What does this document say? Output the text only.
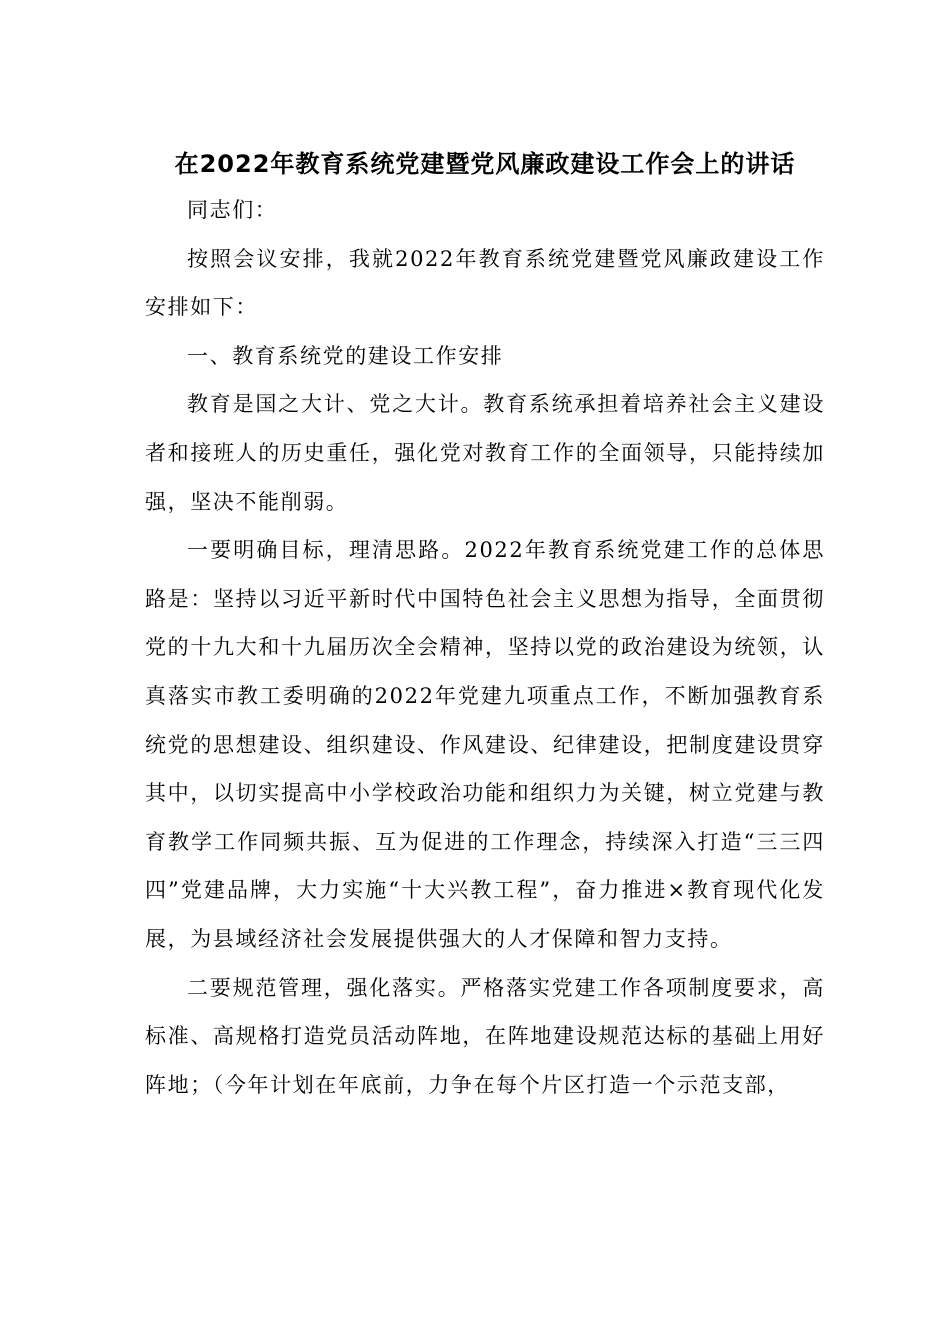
在2022年教育系统党建暨党风廉政建设工作会上的讲话

同志们：

按照会议安排，我就2022年教育系统党建暨党风廉政建设工作安排如下：

一、教育系统党的建设工作安排

教育是国之大计、党之大计。教育系统承担着培养社会主义建设者和接班人的历史重任，强化党对教育工作的全面领导，只能持续加强，坚决不能削弱。

一要明确目标，理清思路。2022年教育系统党建工作的总体思路是：坚持以习近平新时代中国特色社会主义思想为指导，全面贯彻党的十九大和十九届历次全会精神，坚持以党的政治建设为统领，认真落实市教工委明确的2022年党建九项重点工作，不断加强教育系统党的思想建设、组织建设、作风建设、纪律建设，把制度建设贯穿其中，以切实提高中小学校政治功能和组织力为关键，树立党建与教育教学工作同频共振、互为促进的工作理念，持续深入打造“三三四四”党建品牌，大力实施“十大兴教工程”，奋力推进×教育现代化发展，为县域经济社会发展提供强大的人才保障和智力支持。

二要规范管理，强化落实。严格落实党建工作各项制度要求，高标准、高规格打造党员活动阵地，在阵地建设规范达标的基础上用好阵地；（今年计划在年底前，力争在每个片区打造一个示范支部，
